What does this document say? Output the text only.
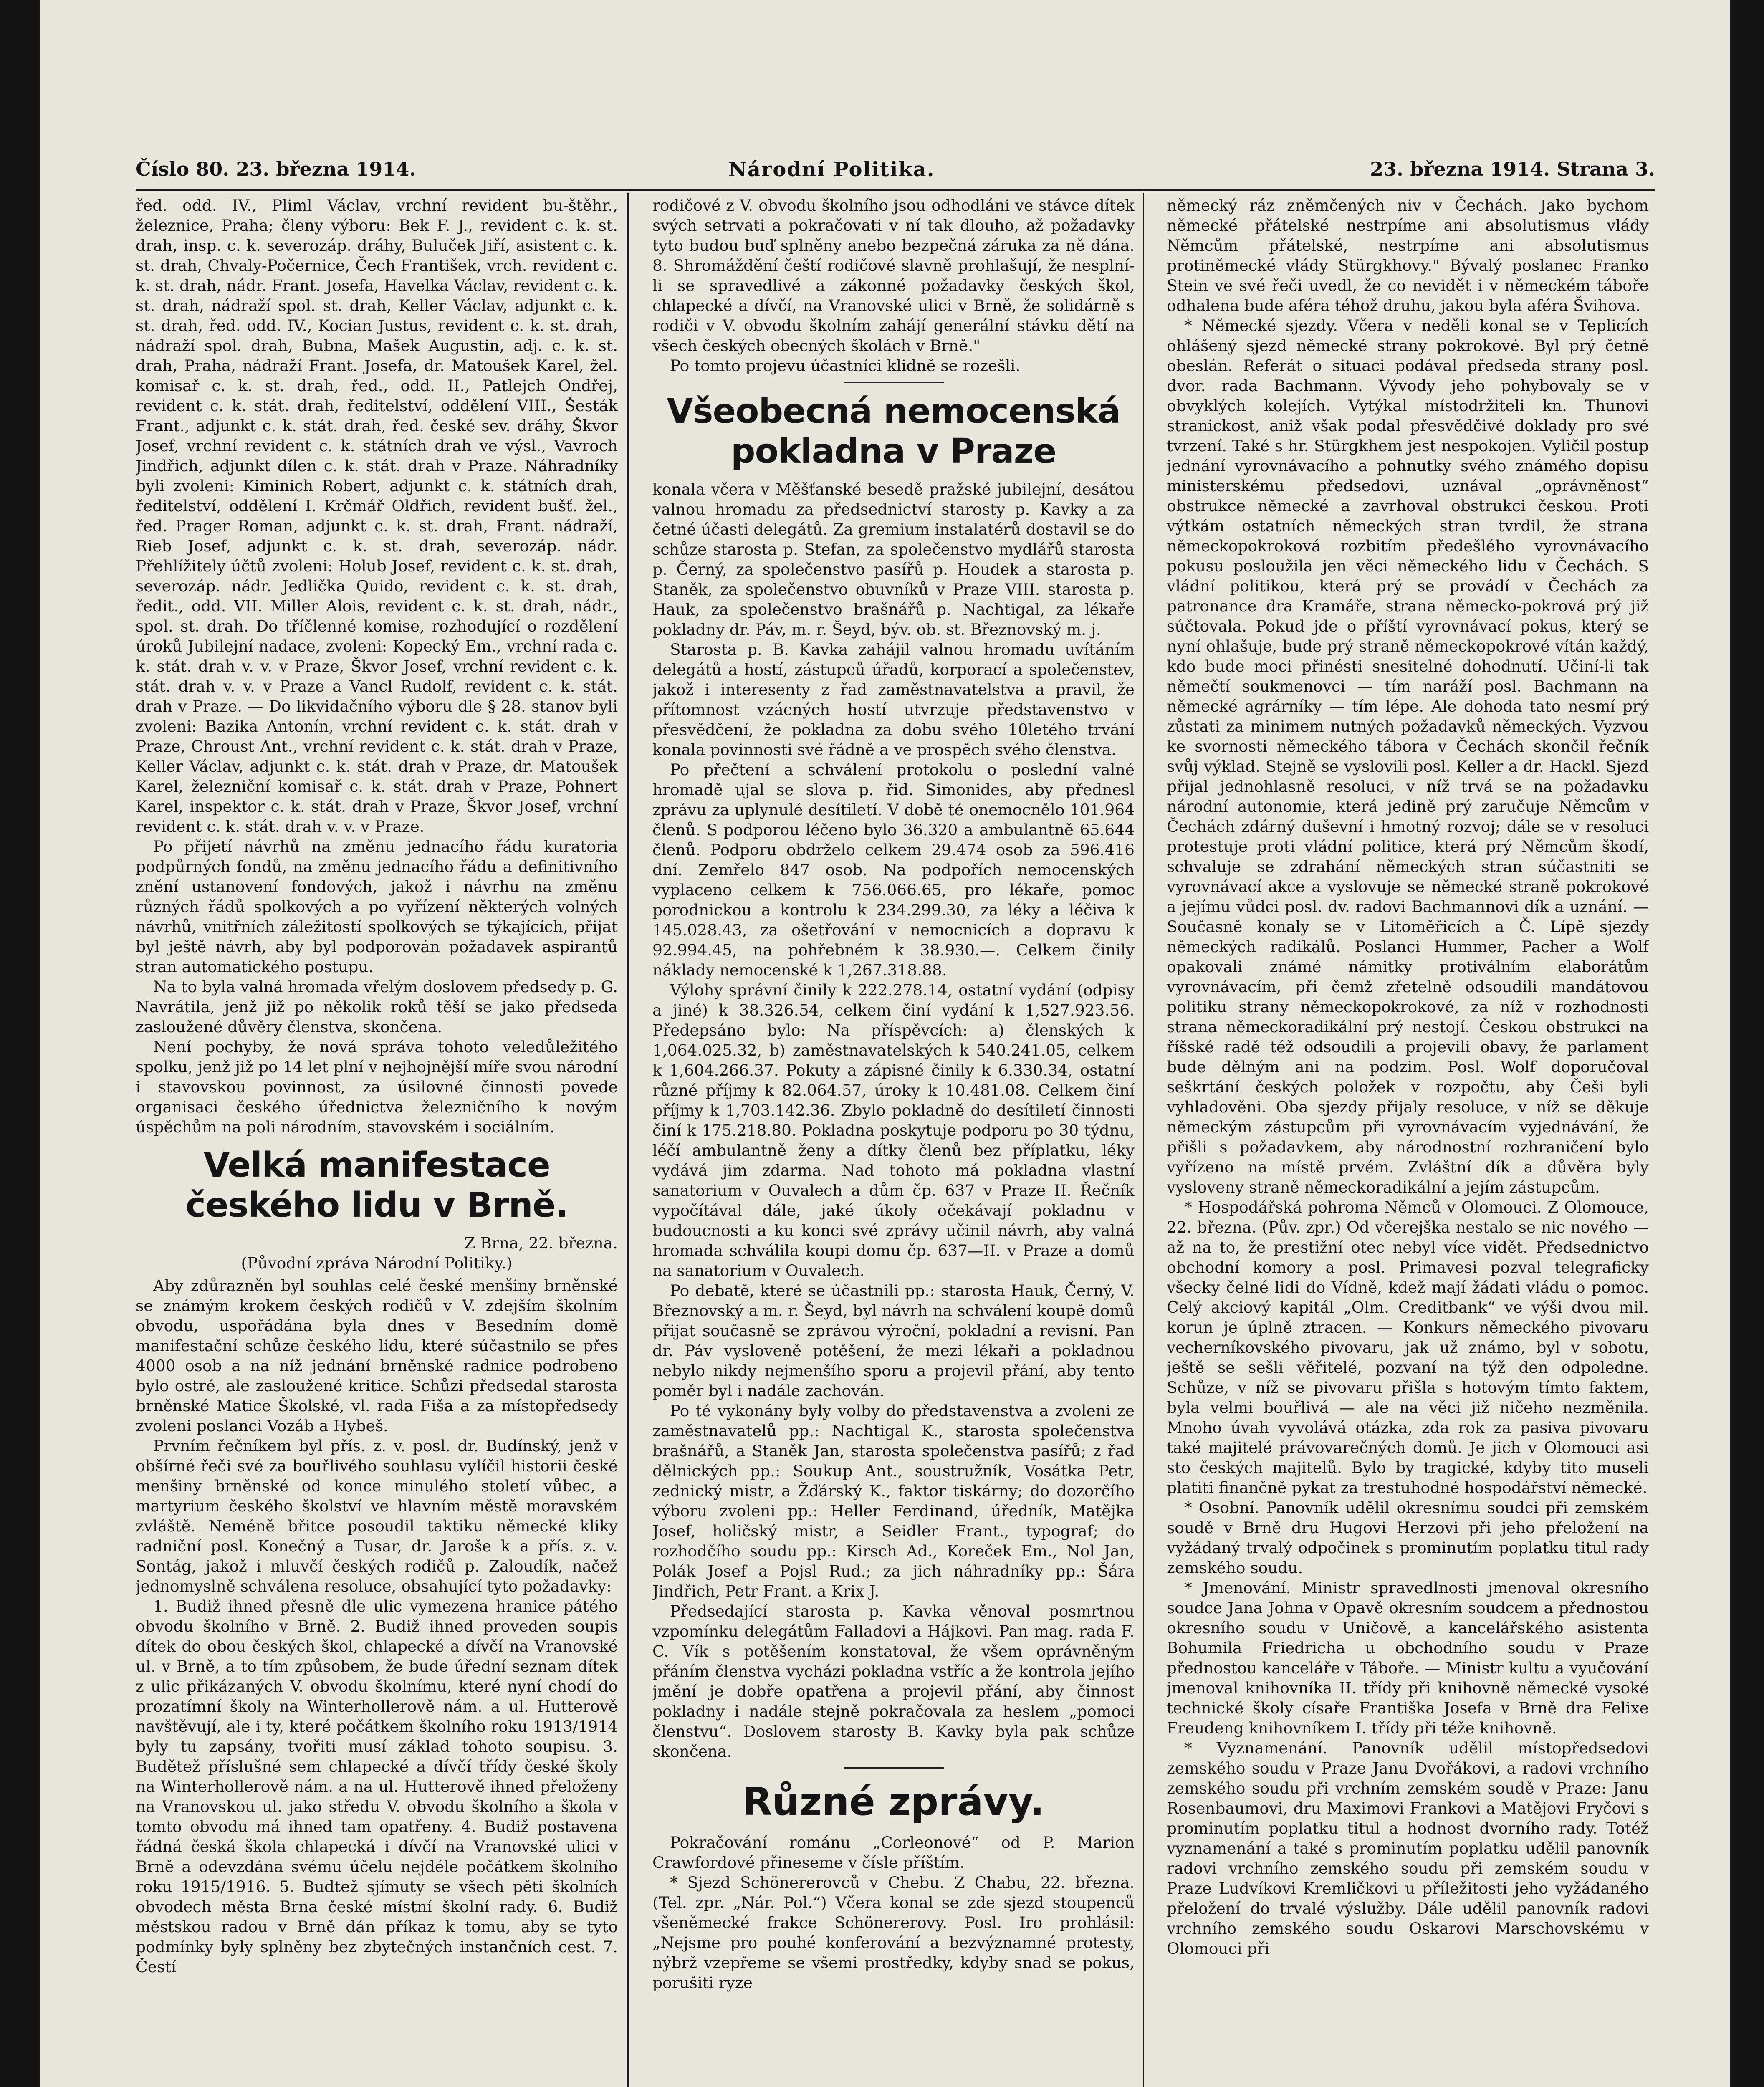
Číslo 80. 23. března 1914.	Národní Politika.	23. března 1914. Strana 3.

řed. odd. IV., Pliml Václav, vrchní revident bu-štěhr., železnice, Praha; členy výboru: Bek F. J., revident c. k. st. drah, insp. c. k. severozáp. dráhy, Buluček Jiří, asistent c. k. st. drah, Chvaly-Počernice, Čech František, vrch. revident c. k. st. drah, nádr. Frant. Josefa, Havelka Václav, revident c. k. st. drah, nádraží spol. st. drah, Keller Václav, adjunkt c. k. st. drah, řed. odd. IV., Kocian Justus, revident c. k. st. drah, nádraží spol. drah, Bubna, Mašek Augustin, adj. c. k. st. drah, Praha, nádraží Frant. Josefa, dr. Matoušek Karel, žel. komisař c. k. st. drah, řed., odd. II., Patlejch Ondřej, revident c. k. stát. drah, ředitelství, oddělení VIII., Šesták Frant., adjunkt c. k. stát. drah, řed. české sev. dráhy, Škvor Josef, vrchní revident c. k. státních drah ve výsl., Vavroch Jindřich, adjunkt dílen c. k. stát. drah v Praze. Náhradníky byli zvoleni: Kiminich Robert, adjunkt c. k. státních drah, ředitelství, oddělení I. Krčmář Oldřich, revident bušť. žel., řed. Prager Roman, adjunkt c. k. st. drah, Frant. nádraží, Rieb Josef, adjunkt c. k. st. drah, severozáp. nádr. Přehlížitely účtů zvoleni: Holub Josef, revident c. k. st. drah, severozáp. nádr. Jedlička Quido, revident c. k. st. drah, ředit., odd. VII. Miller Alois, revident c. k. st. drah, nádr., spol. st. drah. Do tříčlenné komise, rozhodující o rozdělení úroků Jubilejní nadace, zvoleni: Kopecký Em., vrchní rada c. k. stát. drah v. v. v Praze, Škvor Josef, vrchní revident c. k. stát. drah v. v. v Praze a Vancl Rudolf, revident c. k. stát. drah v Praze. — Do likvidačního výboru dle § 28. stanov byli zvoleni: Bazika Antonín, vrchní revident c. k. stát. drah v Praze, Chroust Ant., vrchní revident c. k. stát. drah v Praze, Keller Václav, adjunkt c. k. stát. drah v Praze, dr. Matoušek Karel, železniční komisař c. k. stát. drah v Praze, Pohnert Karel, inspektor c. k. stát. drah v Praze, Škvor Josef, vrchní revident c. k. stát. drah v. v. v Praze.

Po přijetí návrhů na změnu jednacího řádu kuratoria podpůrných fondů, na změnu jednacího řádu a definitivního znění ustanovení fondových, jakož i návrhu na změnu různých řádů spolkových a po vyřízení některých volných návrhů, vnitřních záležitostí spolkových se týkajících, přijat byl ještě návrh, aby byl podporován požadavek aspirantů stran automatického postupu.

Na to byla valná hromada vřelým doslovem předsedy p. G. Navrátila, jenž již po několik roků těší se jako předseda zasloužené důvěry členstva, skončena.

Není pochyby, že nová správa tohoto veledůležitého spolku, jenž již po 14 let plní v nejhojnější míře svou národní i stavovskou povinnost, za úsilovné činnosti povede organisaci českého úřednictva železničního k novým úspěchům na poli národním, stavovském i sociálním.

Velká manifestace českého lidu v Brně.

Z Brna, 22. března.

(Původní zpráva Národní Politiky.)

Aby zdůrazněn byl souhlas celé české menšiny brněnské se známým krokem českých rodičů v V. zdejším školním obvodu, uspořádána byla dnes v Besedním domě manifestační schůze českého lidu, které súčastnilo se přes 4000 osob a na níž jednání brněnské radnice podrobeno bylo ostré, ale zasloužené kritice. Schůzi předsedal starosta brněnské Matice Školské, vl. rada Fiša a za místopředsedy zvoleni poslanci Vozáb a Hybeš.

Prvním řečníkem byl přís. z. v. posl. dr. Budínský, jenž v obšírné řeči své za bouřlivého souhlasu vylíčil historii české menšiny brněnské od konce minulého století vůbec, a martyrium českého školství ve hlavním městě moravském zvláště. Neméně břitce posoudil taktiku německé kliky radniční posl. Konečný a Tusar, dr. Jaroše k a přís. z. v. Sontág, jakož i mluvčí českých rodičů p. Zaloudík, načež jednomyslně schválena resoluce, obsahující tyto požadavky:

1. Budiž ihned přesně dle ulic vymezena hranice pátého obvodu školního v Brně. 2. Budiž ihned proveden soupis dítek do obou českých škol, chlapecké a dívčí na Vranovské ul. v Brně, a to tím způsobem, že bude úřední seznam dítek z ulic přikázaných V. obvodu školnímu, které nyní chodí do prozatímní školy na Winterhollerově nám. a ul. Hutterově navštěvují, ale i ty, které počátkem školního roku 1913/1914 byly tu zapsány, tvořiti musí základ tohoto soupisu. 3. Budětež příslušné sem chlapecké a dívčí třídy české školy na Winterhollerově nám. a na ul. Hutterově ihned přeloženy na Vranovskou ul. jako středu V. obvodu školního a škola v tomto obvodu má ihned tam opatřeny. 4. Budiž postavena řádná česká škola chlapecká i dívčí na Vranovské ulici v Brně a odevzdána svému účelu nejdéle počátkem školního roku 1915/1916. 5. Budtež sjímuty se všech pěti školních obvodech města Brna české místní školní rady. 6. Budiž městskou radou v Brně dán příkaz k tomu, aby se tyto podmínky byly splněny bez zbytečných instančních cest. 7. Čestí

rodičové z V. obvodu školního jsou odhodláni ve stávce dítek svých setrvati a pokračovati v ní tak dlouho, až požadavky tyto budou buď splněny anebo bezpečná záruka za ně dána. 8. Shromáždění čeští rodičové slavně prohlašují, že nesplní-li se spravedlivé a zákonné požadavky českých škol, chlapecké a dívčí, na Vranovské ulici v Brně, že solidárně s rodiči v V. obvodu školním zahájí generální stávku dětí na všech českých obecných školách v Brně."

Po tomto projevu účastníci klidně se rozešli.

Všeobecná nemocenská pokladna v Praze

konala včera v Měšťanské besedě pražské jubilejní, desátou valnou hromadu za předsednictví starosty p. Kavky a za četné účasti delegátů. Za gremium instalatérů dostavil se do schůze starosta p. Stefan, za společenstvo mydlářů starosta p. Černý, za společenstvo pasířů p. Houdek a starosta p. Staněk, za společenstvo obuvníků v Praze VIII. starosta p. Hauk, za společenstvo brašnářů p. Nachtigal, za lékaře pokladny dr. Páv, m. r. Šeyd, býv. ob. st. Březnovský m. j.

Starosta p. B. Kavka zahájil valnou hromadu uvítáním delegátů a hostí, zástupců úřadů, korporací a společenstev, jakož i interesenty z řad zaměstnavatelstva a pravil, že přítomnost vzácných hostí utvrzuje představenstvo v přesvědčení, že pokladna za dobu svého 10letého trvání konala povinnosti své řádně a ve prospěch svého členstva.

Po přečtení a schválení protokolu o poslední valné hromadě ujal se slova p. řid. Simonides, aby přednesl zprávu za uplynulé desítiletí. V době té onemocnělo 101.964 členů. S podporou léčeno bylo 36.320 a ambulantně 65.644 členů. Podporu obdrželo celkem 29.474 osob za 596.416 dní. Zemřelo 847 osob. Na podpořích nemocenských vyplaceno celkem k 756.066.65, pro lékaře, pomoc porodnickou a kontrolu k 234.299.30, za léky a léčiva k 145.028.43, za ošetřování v nemocnicích a dopravu k 92.994.45, na pohřebném k 38.930.—. Celkem činily náklady nemocenské k 1,267.318.88.

Výlohy správní činily k 222.278.14, ostatní vydání (odpisy a jiné) k 38.326.54, celkem činí vydání k 1,527.923.56. Předepsáno bylo: Na příspěvcích: a) členských k 1,064.025.32, b) zaměstnavatelských k 540.241.05, celkem k 1,604.266.37. Pokuty a zápisné činily k 6.330.34, ostatní různé příjmy k 82.064.57, úroky k 10.481.08. Celkem činí příjmy k 1,703.142.36. Zbylo pokladně do desítiletí činnosti činí k 175.218.80. Pokladna poskytuje podporu po 30 týdnu, léčí ambulantně ženy a dítky členů bez příplatku, léky vydává jim zdarma. Nad tohoto má pokladna vlastní sanatorium v Ouvalech a dům čp. 637 v Praze II. Řečník vypočítával dále, jaké úkoly očekávají pokladnu v budoucnosti a ku konci své zprávy učinil návrh, aby valná hromada schválila koupi domu čp. 637—II. v Praze a domů na sanatorium v Ouvalech.

Po debatě, které se účastnili pp.: starosta Hauk, Černý, V. Březnovský a m. r. Šeyd, byl návrh na schválení koupě domů přijat současně se zprávou výroční, pokladní a revisní. Pan dr. Páv vysloveně potěšení, že mezi lékaři a pokladnou nebylo nikdy nejmenšího sporu a projevil přání, aby tento poměr byl i nadále zachován.

Po té vykonány byly volby do představenstva a zvoleni ze zaměstnavatelů pp.: Nachtigal K., starosta společenstva brašnářů, a Staněk Jan, starosta společenstva pasířů; z řad dělnických pp.: Soukup Ant., soustružník, Vosátka Petr, zednický mistr, a Žďárský K., faktor tiskárny; do dozorčího výboru zvoleni pp.: Heller Ferdinand, úředník, Matějka Josef, holičský mistr, a Seidler Frant., typograf; do rozhodčího soudu pp.: Kirsch Ad., Koreček Em., Nol Jan, Polák Josef a Pojsl Rud.; za jich náhradníky pp.: Šára Jindřich, Petr Frant. a Krix J.

Předsedající starosta p. Kavka věnoval posmrtnou vzpomínku delegátům Falladovi a Hájkovi. Pan mag. rada F. C. Vík s potěšením konstatoval, že všem oprávněným přáním členstva vycházi pokladna vstříc a že kontrola jejího jmění je dobře opatřena a projevil přání, aby činnost pokladny i nadále stejně pokračovala za heslem „pomoci členstvu“. Doslovem starosty B. Kavky byla pak schůze skončena.

Různé zprávy.

Pokračování románu „Corleonové“ od P. Marion Crawfordové přineseme v čísle příštím.

* Sjezd Schönererovců v Chebu. Z Chabu, 22. března. (Tel. zpr. „Nár. Pol.“) Včera konal se zde sjezd stoupenců všeněmecké frakce Schönererovy. Posl. Iro prohlásil: „Nejsme pro pouhé konferování a bezvýznamné protesty, nýbrž vzepřeme se všemi prostředky, kdyby snad se pokus, porušiti ryze

německý ráz zněmčených niv v Čechách. Jako bychom německé přátelské nestrpíme ani absolutismus vlády Němcům přátelské, nestrpíme ani absolutismus protiněmecké vlády Stürgkhovy." Bývalý poslanec Franko Stein ve své řeči uvedl, že co nevidět i v německém táboře odhalena bude aféra téhož druhu, jakou byla aféra Švihova.

* Německé sjezdy. Včera v neděli konal se v Teplicích ohlášený sjezd německé strany pokrokové. Byl prý četně obeslán. Referát o situaci podával předseda strany posl. dvor. rada Bachmann. Vývody jeho pohybovaly se v obvyklých kolejích. Vytýkal místodržiteli kn. Thunovi stranickost, aniž však podal přesvědčivé doklady pro své tvrzení. Také s hr. Stürgkhem jest nespokojen. Vyličil postup jednání vyrovnávacího a pohnutky svého známého dopisu ministerskému předsedovi, uznával „oprávněnost“ obstrukce německé a zavrhoval obstrukci českou. Proti výtkám ostatních německých stran tvrdil, že strana německopokroková rozbitím předešlého vyrovnávacího pokusu posloužila jen věci německého lidu v Čechách. S vládní politikou, která prý se provádí v Čechách za patronance dra Kramáře, strana německo-pokrová prý již súčtovala. Pokud jde o příští vyrovnávací pokus, který se nyní ohlašuje, bude prý straně německopokrové vítán každý, kdo bude moci přinésti snesitelné dohodnutí. Učiní-li tak němečtí soukmenovci — tím naráží posl. Bachmann na německé agrárníky — tím lépe. Ale dohoda tato nesmí prý zůstati za minimem nutných požadavků německých. Vyzvou ke svornosti německého tábora v Čechách skončil řečník svůj výklad. Stejně se vyslovili posl. Keller a dr. Hackl. Sjezd přijal jednohlasně resoluci, v níž trvá se na požadavku národní autonomie, která jedině prý zaručuje Němcům v Čechách zdárný duševní i hmotný rozvoj; dále se v resoluci protestuje proti vládní politice, která prý Němcům škodí, schvaluje se zdrahání německých stran súčastniti se vyrovnávací akce a vyslovuje se německé straně pokrokové a jejímu vůdci posl. dv. radovi Bachmannovi dík a uznání. — Současně konaly se v Litoměřicích a Č. Lípě sjezdy německých radikálů. Poslanci Hummer, Pacher a Wolf opakovali známé námitky protiválním elaborátům vyrovnávacím, při čemž zřetelně odsoudili mandátovou politiku strany německopokrokové, za níž v rozhodnosti strana německoradikální prý nestojí. Českou obstrukci na říšské radě též odsoudili a projevili obavy, že parlament bude dělným ani na podzim. Posl. Wolf doporučoval seškrtání českých položek v rozpočtu, aby Češi byli vyhladověni. Oba sjezdy přijaly resoluce, v níž se děkuje německým zástupcům při vyrovnávacím vyjednávání, že přišli s požadavkem, aby národnostní rozhraničení bylo vyřízeno na místě prvém. Zvláštní dík a důvěra byly vysloveny straně německoradikální a jejím zástupcům.

* Hospodářská pohroma Němců v Olomouci. Z Olomouce, 22. března. (Pův. zpr.) Od včerejška nestalo se nic nového — až na to, že prestižní otec nebyl více vidět. Předsednictvo obchodní komory a posl. Primavesi pozval telegraficky všecky čelné lidi do Vídně, kdež mají žádati vládu o pomoc. Celý akciový kapitál „Olm. Creditbank“ ve výši dvou mil. korun je úplně ztracen. — Konkurs německého pivovaru vecherníkovského pivovaru, jak už známo, byl v sobotu, ještě se sešli věřitelé, pozvaní na týž den odpoledne. Schůze, v níž se pivovaru přišla s hotovým tímto faktem, byla velmi bouřlivá — ale na věci již ničeho nezměnila. Mnoho úvah vyvolává otázka, zda rok za pasiva pivovaru také majitelé právovarečných domů. Je jich v Olomouci asi sto českých majitelů. Bylo by tragické, kdyby tito museli platiti finančně pykat za trestuhodné hospodářství německé.

* Osobní. Panovník udělil okresnímu soudci při zemském soudě v Brně dru Hugovi Herzovi při jeho přeložení na vyžádaný trvalý odpočinek s prominutím poplatku titul rady zemského soudu.

* Jmenování. Ministr spravedlnosti jmenoval okresního soudce Jana Johna v Opavě okresním soudcem a přednostou okresního soudu v Uničově, a kancelářského asistenta Bohumila Friedricha u obchodního soudu v Praze přednostou kanceláře v Táboře. — Ministr kultu a vyučování jmenoval knihovníka II. třídy při knihovně německé vysoké technické školy císaře Františka Josefa v Brně dra Felixe Freudeng knihovníkem I. třídy při téže knihovně.

* Vyznamenání. Panovník udělil místopředsedovi zemského soudu v Praze Janu Dvořákovi, a radovi vrchního zemského soudu při vrchním zemském soudě v Praze: Janu Rosenbaumovi, dru Maximovi Frankovi a Matějovi Fryčovi s prominutím poplatku titul a hodnost dvorního rady. Totéž vyznamenání a také s prominutím poplatku udělil panovník radovi vrchního zemského soudu při zemském soudu v Praze Ludvíkovi Kremličkovi u příležitosti jeho vyžádaného přeložení do trvalé výslužby. Dále udělil panovník radovi vrchního zemského soudu Oskarovi Marschovskému v Olomouci při
